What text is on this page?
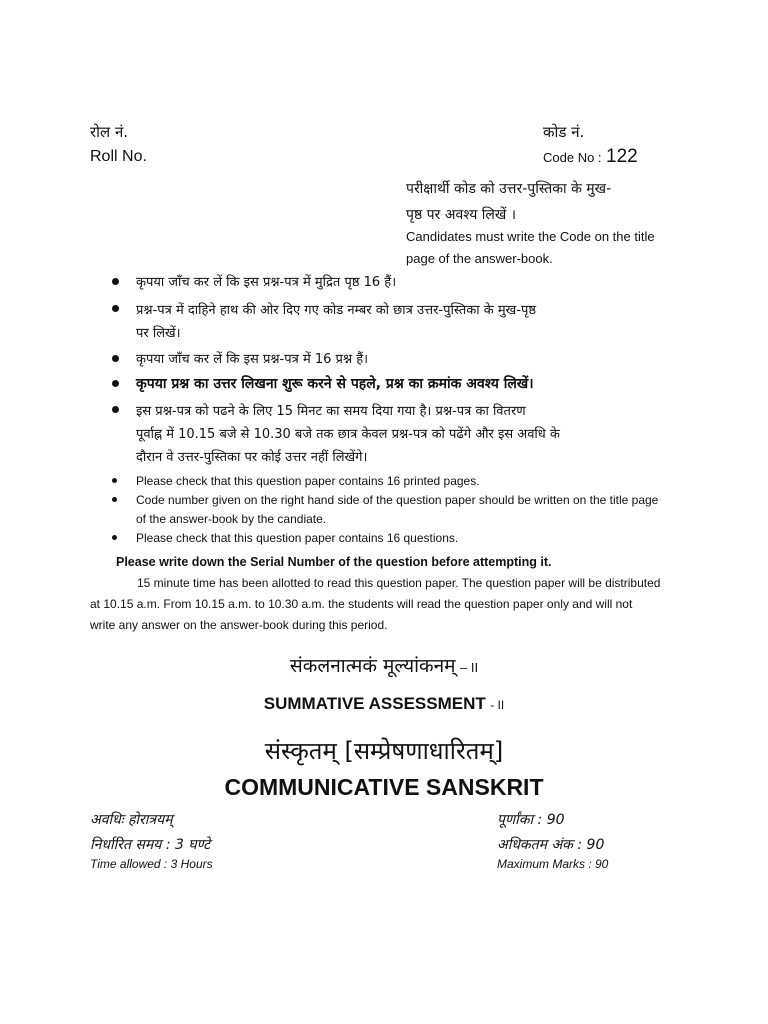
रोल नं.
Roll No.
कोड नं.
Code No : 122
परीक्षार्थी कोड को उत्तर-पुस्तिका के मुख-
पृष्ठ पर अवश्य लिखें ।
Candidates must write the Code on the title
page of the answer-book.
कृपया जाँच कर लें कि इस प्रश्न-पत्र में मुद्रित पृष्ठ 16 हैं।
प्रश्न-पत्र में दाहिने हाथ की ओर दिए गए कोड नम्बर को छात्र उत्तर-पुस्तिका के मुख-पृष्ठ
पर लिखें।
कृपया जाँच कर लें कि इस प्रश्न-पत्र में 16 प्रश्न हैं।
कृपया प्रश्न का उत्तर लिखना शुरू करने से पहले, प्रश्न का क्रमांक अवश्य लिखें।
इस प्रश्न-पत्र को पढने के लिए 15 मिनट का समय दिया गया है। प्रश्न-पत्र का वितरण
पूर्वाह्न में 10.15 बजे से 10.30 बजे तक छात्र केवल प्रश्न-पत्र को पढेंगे और इस अवधि के
दौरान वे उत्तर-पुस्तिका पर कोई उत्तर नहीं लिखेंगे।
Please check that this question paper contains 16 printed pages.
Code number given on the right hand side of the question paper should be written on the title page
of the answer-book by the candiate.
Please check that this question paper contains 16 questions.
Please write down the Serial Number of the question before attempting it.
15 minute time has been allotted to read this question paper. The question paper will be distributed
at 10.15 a.m. From 10.15 a.m. to 10.30 a.m. the students will read the question paper only and will not
write any answer on the answer-book during this period.
संकलनात्मकं मूल्यांकनम् – II
SUMMATIVE ASSESSMENT - II
संस्कृतम् [सम्प्रेषणाधारितम्]
COMMUNICATIVE SANSKRIT
अवधिः होरात्रयम्
निर्धारित समय : 3 घण्टे
Time allowed : 3 Hours
पूर्णांका : 90
अधिकतम अंक : 90
Maximum Marks : 90
